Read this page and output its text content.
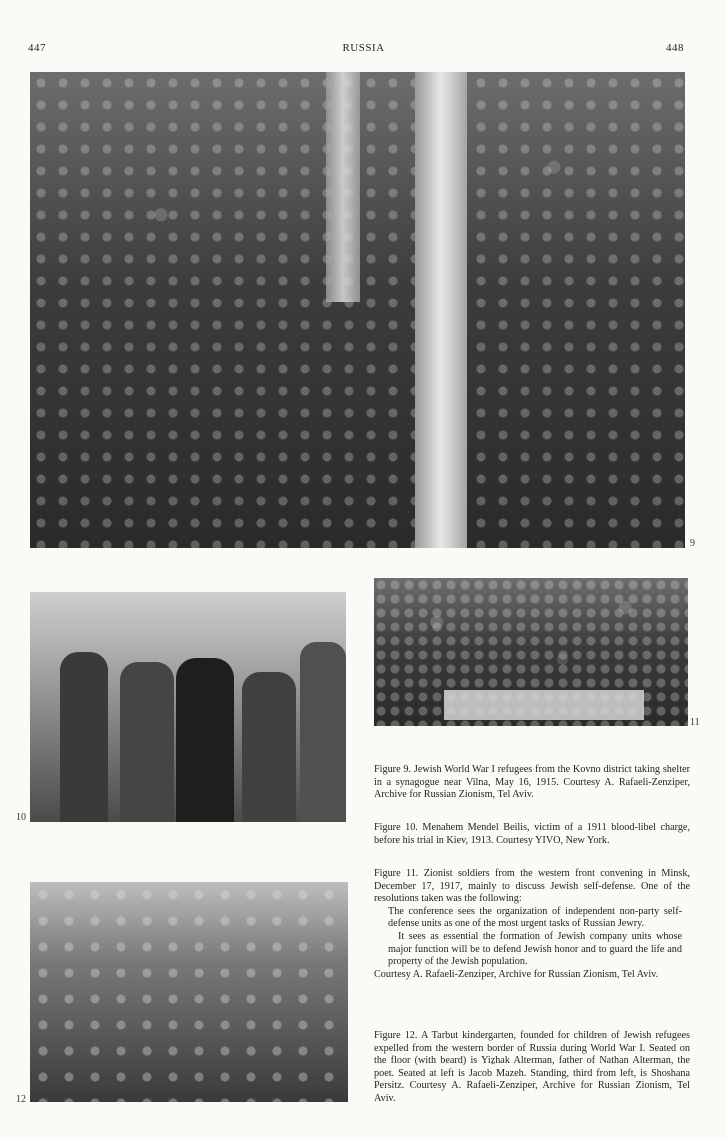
447	RUSSIA	448
9
10
11
12
Figure 9. Jewish World War I refugees from the Kovno district taking shelter in a synagogue near Vilna, May 16, 1915. Courtesy A. Rafaeli-Zenziper, Archive for Russian Zionism, Tel Aviv.
Figure 10. Menahem Mendel Beilis, victim of a 1911 blood-libel charge, before his trial in Kiev, 1913. Courtesy YIVO, New York.

Figure 11. Zionist soldiers from the western front convening in Minsk, December 17, 1917, mainly to discuss Jewish self-defense. One of the resolutions taken was the following:

The conference sees the organization of independent non-party self-defense units as one of the most urgent tasks of Russian Jewry.

It sees as essential the formation of Jewish company units whose major function will be to defend Jewish honor and to guard the life and property of the Jewish population.

Courtesy A. Rafaeli-Zenziper, Archive for Russian Zionism, Tel Aviv.

Figure 12. A Tarbut kindergarten, founded for children of Jewish refugees expelled from the western border of Russia during World War I. Seated on the floor (with beard) is Yiẕhak Alterman, father of Nathan Alterman, the poet. Seated at left is Jacob Mazeh. Standing, third from left, is Shoshana Persitz. Courtesy A. Rafaeli-Zenziper, Archive for Russian Zionism, Tel Aviv.
